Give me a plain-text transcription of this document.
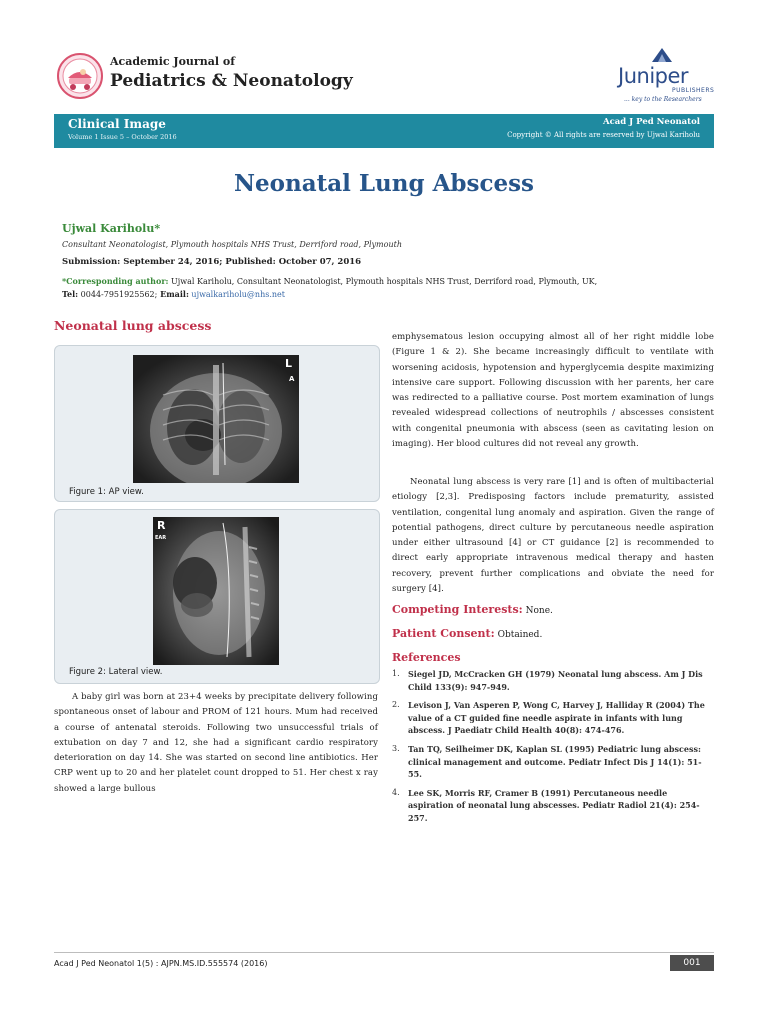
Academic Journal of

Pediatrics & Neonatology	Juniper
PUBLISHERS
... key to the Researchers

Clinical Image

Volume 1 Issue 5 – October 2016

Acad J Ped Neonatol

Copyright © All rights are reserved by Ujwal Kariholu

Neonatal Lung Abscess

Ujwal Kariholu*

Consultant Neonatologist, Plymouth hospitals NHS Trust, Derriford road, Plymouth

Submission: September 24, 2016; Published: October 07, 2016

*Corresponding author: Ujwal Kariholu, Consultant Neonatologist, Plymouth hospitals NHS Trust, Derriford road, Plymouth, UK,

Tel: 0044-7951925562; Email: ujwalkariholu@nhs.net

Neonatal lung abscess
L
A

Figure 1: AP view.

R
EAR

Figure 2: Lateral view.

A baby girl was born at 23+4 weeks by precipitate delivery following spontaneous onset of labour and PROM of 121 hours. Mum had received a course of antenatal steroids. Following two unsuccessful trials of extubation on day 7 and 12, she had a significant cardio respiratory deterioration on day 14. She was started on second line antibiotics. Her CRP went up to 20 and her platelet count dropped to 51. Her chest x ray showed a large bullous

emphysematous lesion occupying almost all of her right middle lobe (Figure 1 & 2). She became increasingly difficult to ventilate with worsening acidosis, hypotension and hyperglycemia despite maximizing intensive care support. Following discussion with her parents, her care was redirected to a palliative course. Post mortem examination of lungs revealed widespread collections of neutrophils / abscesses consistent with congenital pneumonia with abscess (seen as cavitating lesion on imaging). Her blood cultures did not reveal any growth.

Neonatal lung abscess is very rare [1] and is often of multibacterial etiology [2,3]. Predisposing factors include prematurity, assisted ventilation, congenital lung anomaly and aspiration. Given the range of potential pathogens, direct culture by percutaneous needle aspiration under either ultrasound [4] or CT guidance [2] is recommended to direct early appropriate intravenous medical therapy and hasten recovery, prevent further complications and obviate the need for surgery [4].

Competing Interests: None.

Patient Consent: Obtained.

References

1. Siegel JD, McCracken GH (1979) Neonatal lung abscess. Am J Dis Child 133(9): 947-949.
2. Levison J, Van Asperen P, Wong C, Harvey J, Halliday R (2004) The value of a CT guided fine needle aspirate in infants with lung abscess. J Paediatr Child Health 40(8): 474-476.
3. Tan TQ, Seilheimer DK, Kaplan SL (1995) Pediatric lung abscess: clinical management and outcome. Pediatr Infect Dis J 14(1): 51-55.
4. Lee SK, Morris RF, Cramer B (1991) Percutaneous needle aspiration of neonatal lung abscesses. Pediatr Radiol 21(4): 254-257.

Acad J Ped Neonatol 1(5) : AJPN.MS.ID.555574 (2016)	001
